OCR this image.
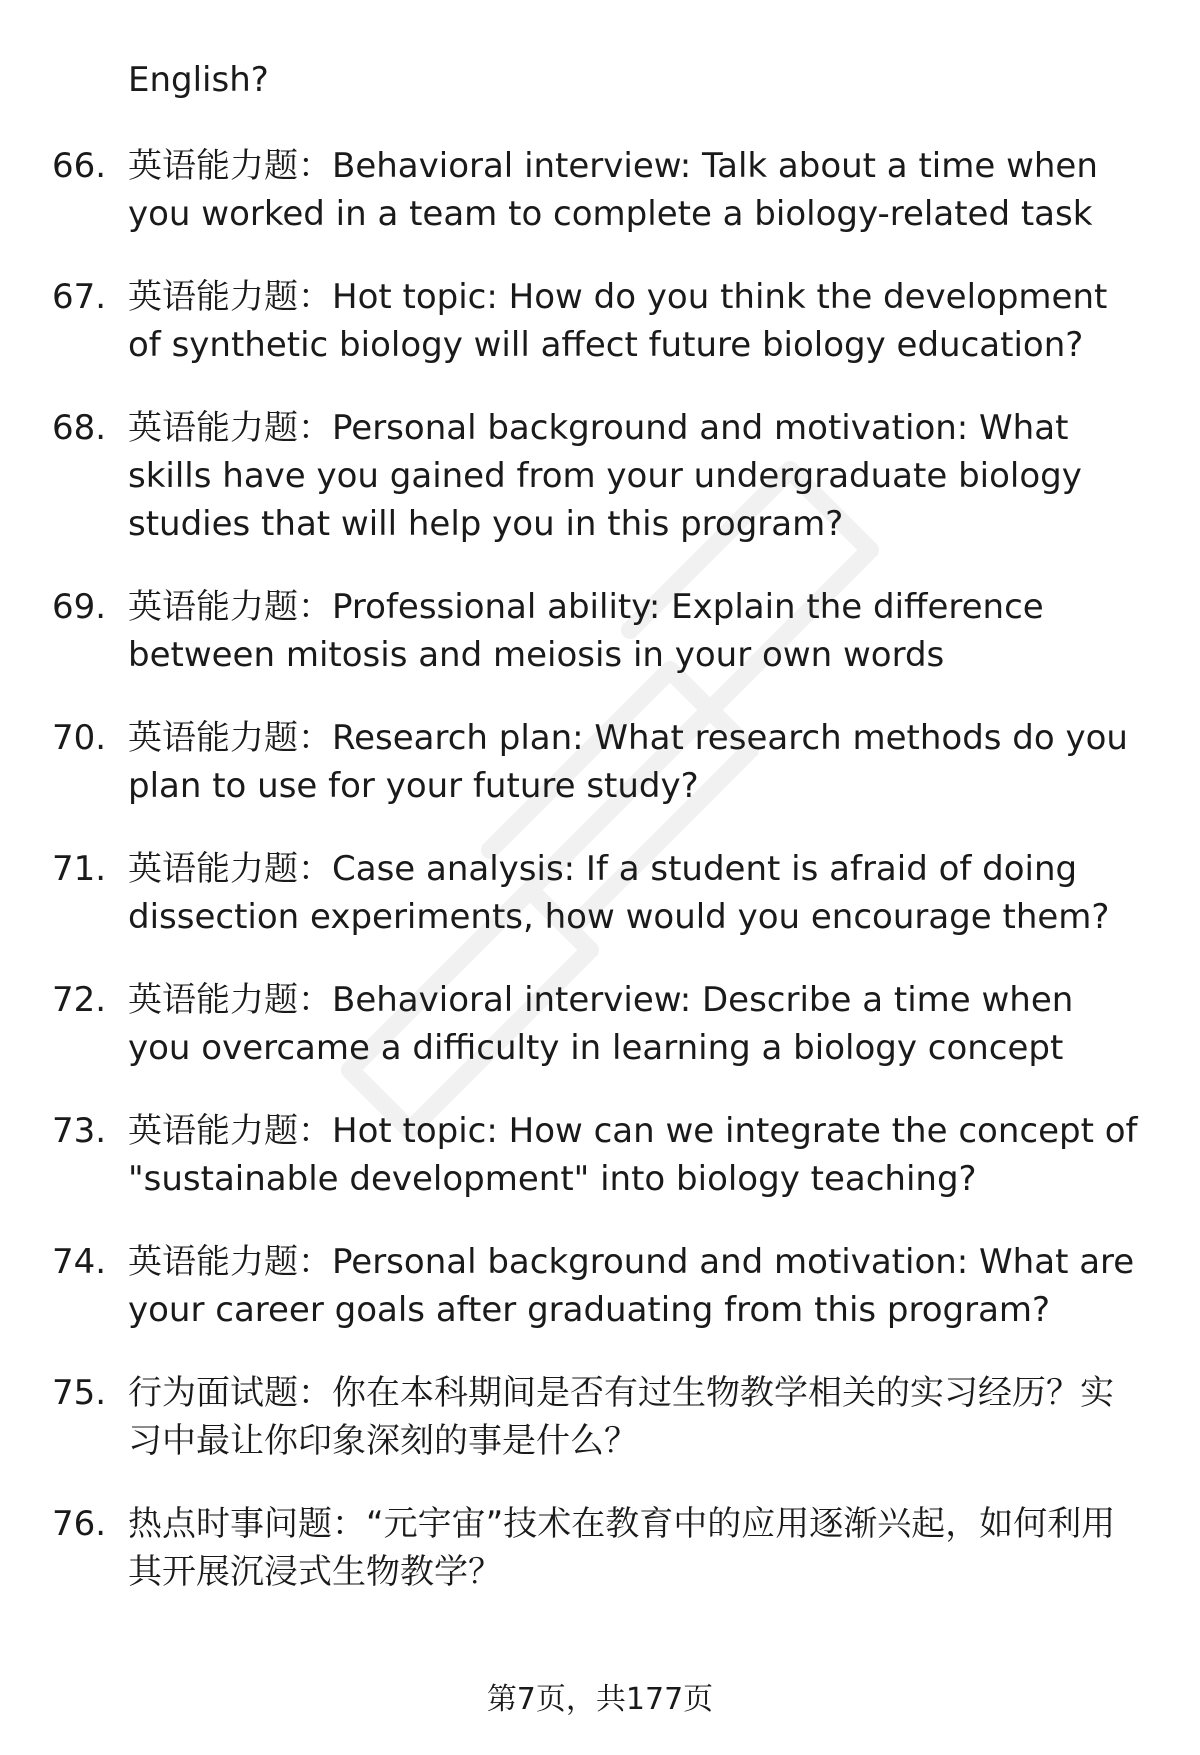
English?
66. 英语能力题：Behavioral interview: Talk about a time when you worked in a team to complete a biology-related task
67. 英语能力题：Hot topic: How do you think the development of synthetic biology will affect future biology education?
68. 英语能力题：Personal background and motivation: What skills have you gained from your undergraduate biology studies that will help you in this program?
69. 英语能力题：Professional ability: Explain the difference between mitosis and meiosis in your own words
70. 英语能力题：Research plan: What research methods do you plan to use for your future study?
71. 英语能力题：Case analysis: If a student is afraid of doing dissection experiments, how would you encourage them?
72. 英语能力题：Behavioral interview: Describe a time when you overcame a difficulty in learning a biology concept
73. 英语能力题：Hot topic: How can we integrate the concept of "sustainable development" into biology teaching?
74. 英语能力题：Personal background and motivation: What are your career goals after graduating from this program?
75. 行为面试题：你在本科期间是否有过生物教学相关的实习经历？实习中最让你印象深刻的事是什么？
76. 热点时事问题：“元宇宙”技术在教育中的应用逐渐兴起，如何利用其开展沉浸式生物教学？
第7页，共177页
